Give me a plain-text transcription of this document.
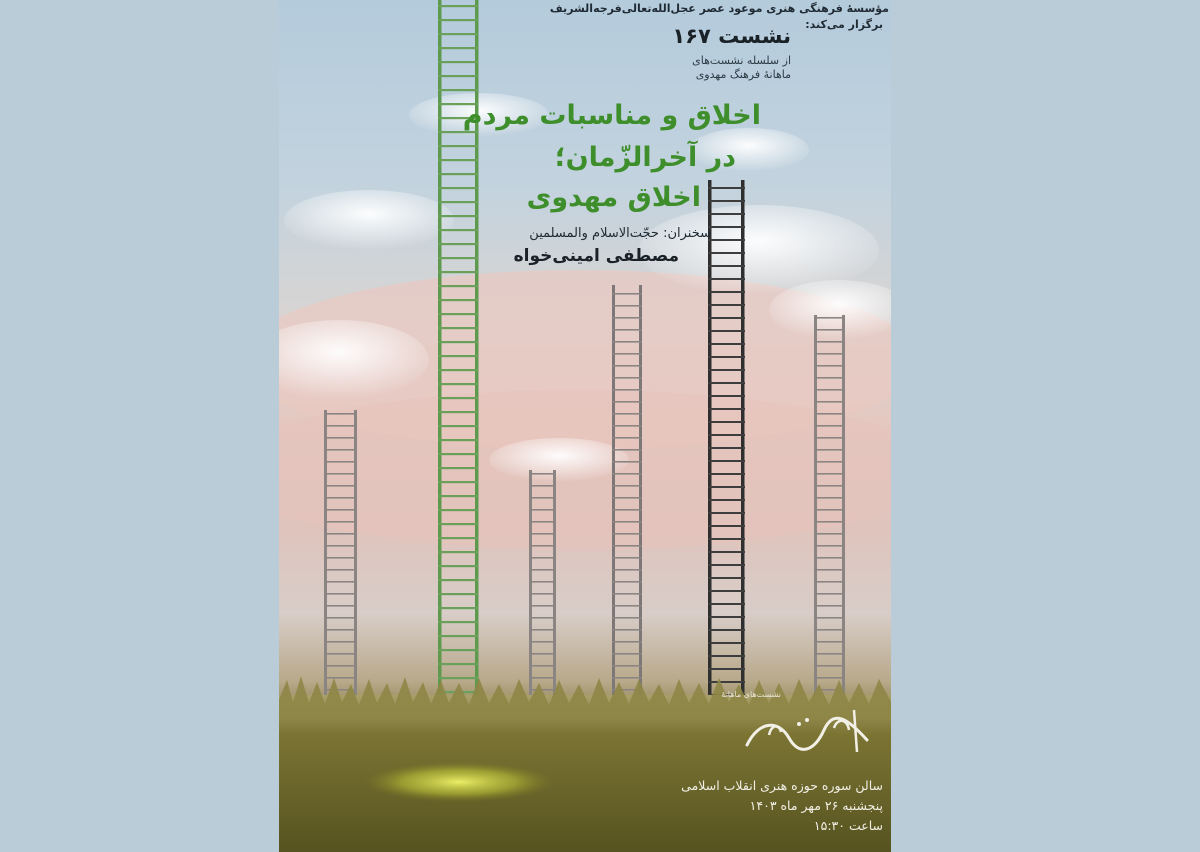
مؤسسهٔ فرهنگی هنری موعود عصر عجل‌الله‌تعالی‌فرجه‌الشریف
برگزار می‌کند:
نشست ۱۶۷
از سلسله نشست‌های
ماهانهٔ فرهنگ مهدوی
اخلاق و مناسبات مردم
در آخرالزّمان؛
اخلاق مهدوی
سخنران: حجّت‌الاسلام والمسلمین
مصطفی امینی‌خواه
نشست‌های ماهانهٔ
سالن سوره حوزه هنری انقلاب اسلامی
پنجشنبه ۲۶ مهر ماه ۱۴۰۳
ساعت ۱۵:۳۰
